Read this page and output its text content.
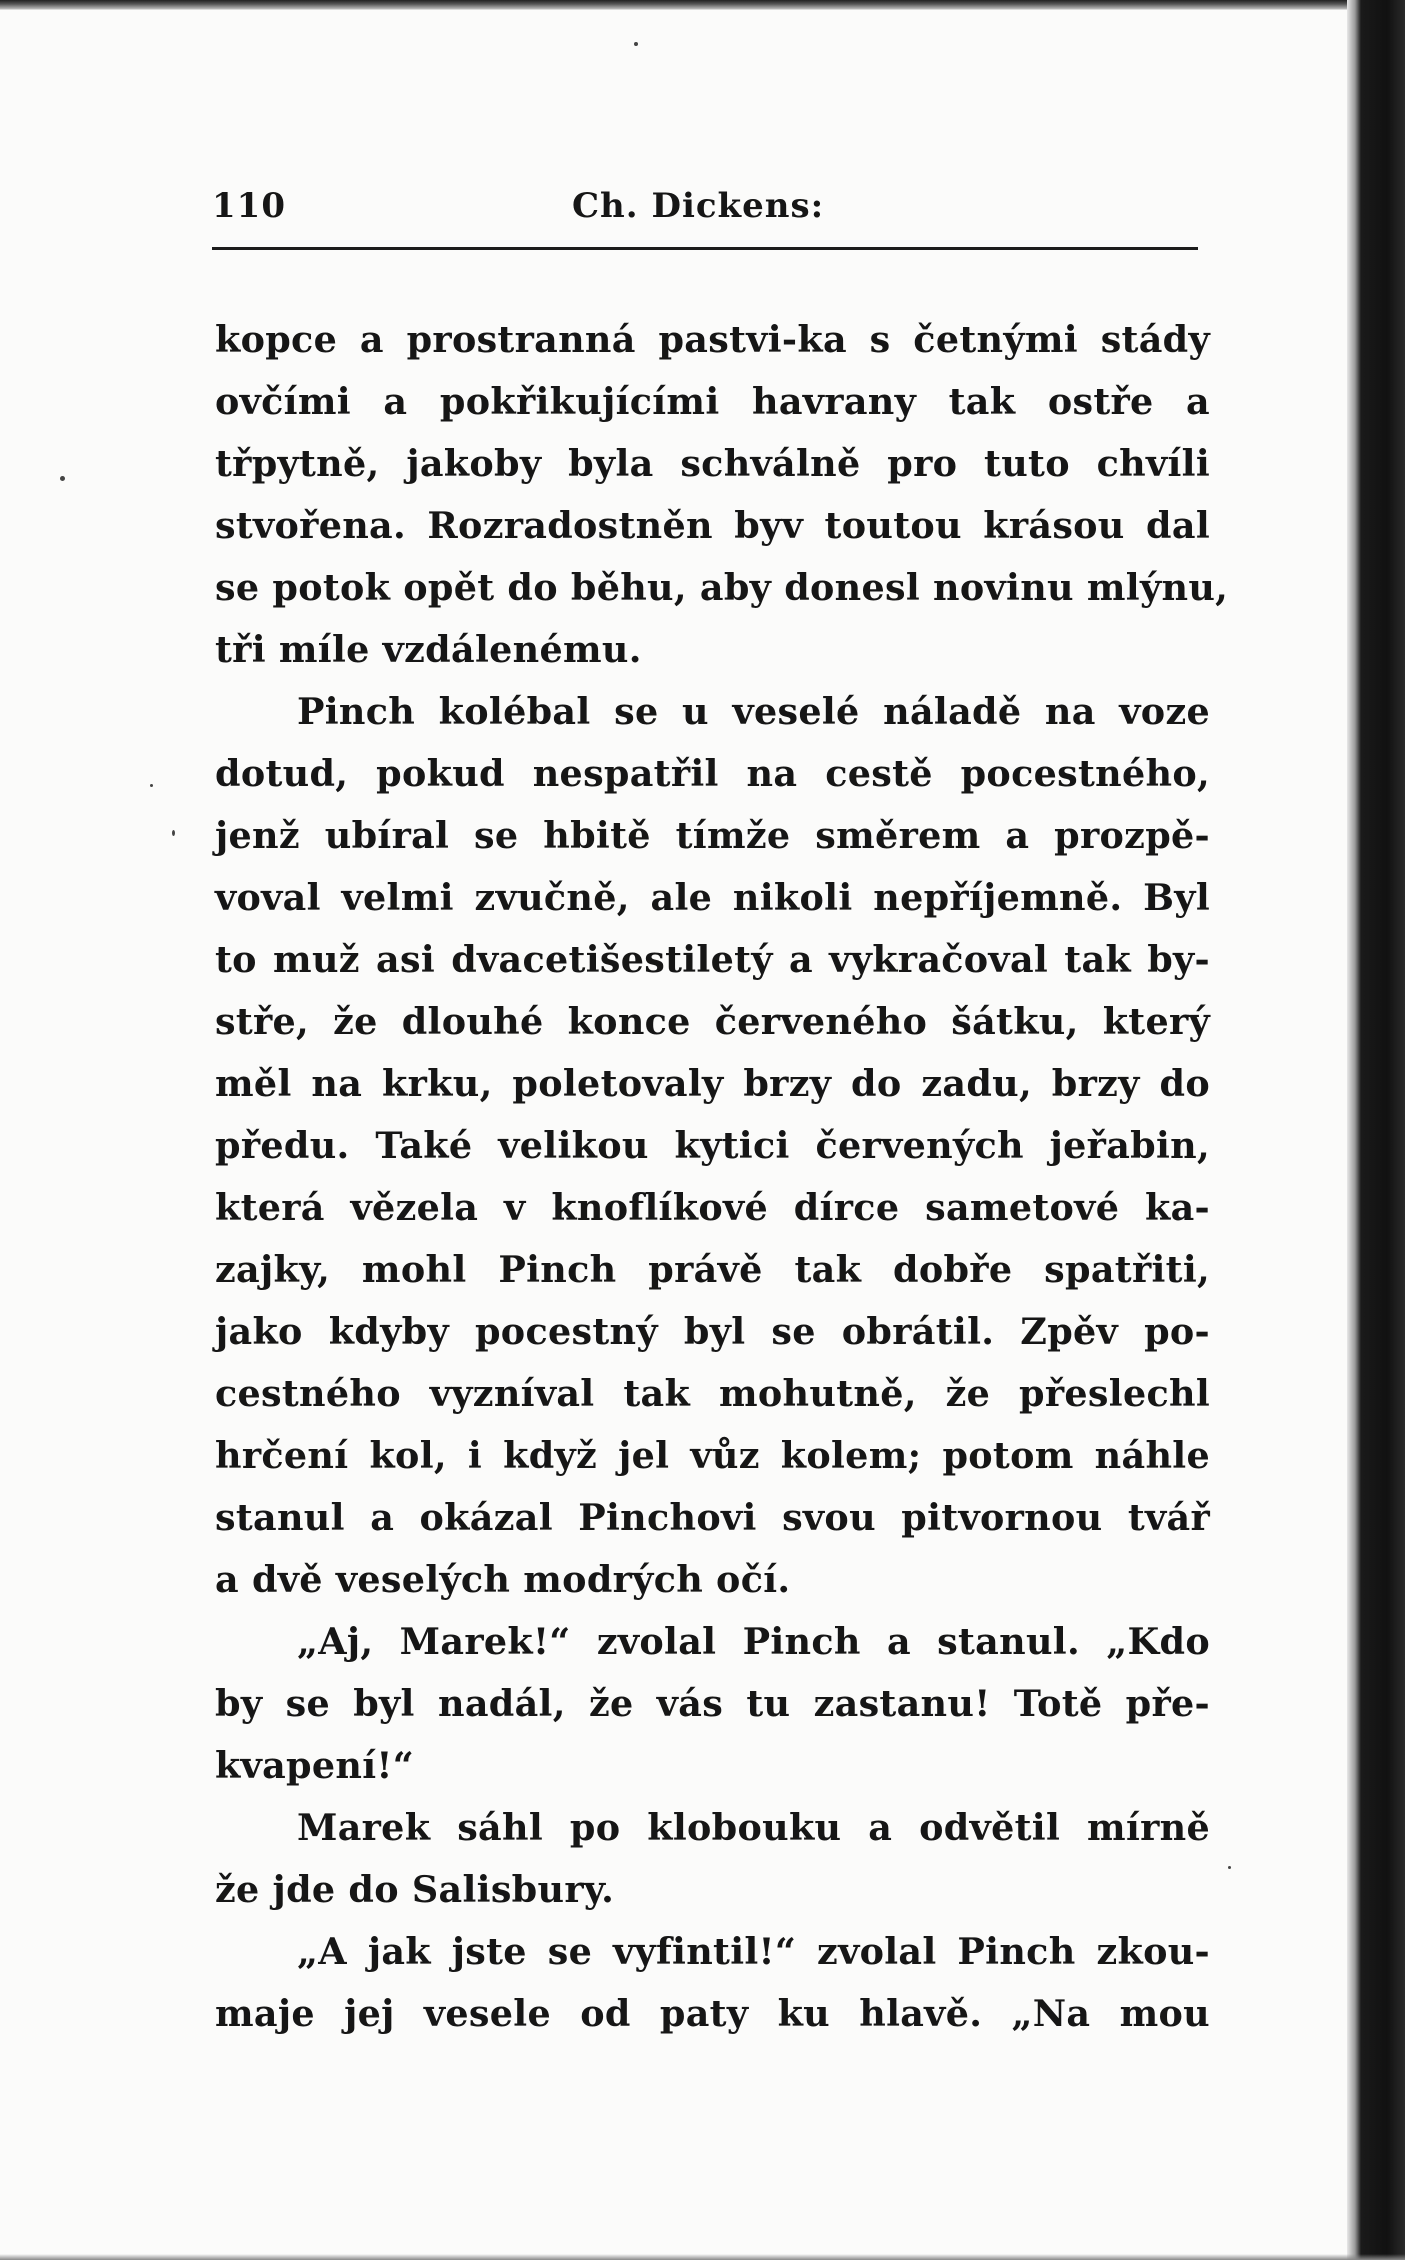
110	Ch. Dickens:
kopce a prostranná pastvi-ka s četnými stády
ovčími a pokřikujícími havrany tak ostře a
třpytně, jakoby byla schválně pro tuto chvíli
stvořena. Rozradostněn byv toutou krásou dal
se potok opět do běhu, aby donesl novinu mlýnu,
tři míle vzdálenému.
Pinch kolébal se u veselé náladě na voze
dotud, pokud nespatřil na cestě pocestného,
jenž ubíral se hbitě tímže směrem a prozpě-
voval velmi zvučně, ale nikoli nepříjemně. Byl
to muž asi dvacetišestiletý a vykračoval tak by-
stře, že dlouhé konce červeného šátku, který
měl na krku, poletovaly brzy do zadu, brzy do
předu. Také velikou kytici červených jeřabin,
která vězela v knoflíkové dírce sametové ka-
zajky, mohl Pinch právě tak dobře spatřiti,
jako kdyby pocestný byl se obrátil. Zpěv po-
cestného vyzníval tak mohutně, že přeslechl
hrčení kol, i když jel vůz kolem; potom náhle
stanul a okázal Pinchovi svou pitvornou tvář
a dvě veselých modrých očí.
„Aj, Marek!“ zvolal Pinch a stanul. „Kdo
by se byl nadál, že vás tu zastanu! Totě pře-
kvapení!“
Marek sáhl po klobouku a odvětil mírně
že jde do Salisbury.
„A jak jste se vyfintil!“ zvolal Pinch zkou-
maje jej vesele od paty ku hlavě. „Na mou
